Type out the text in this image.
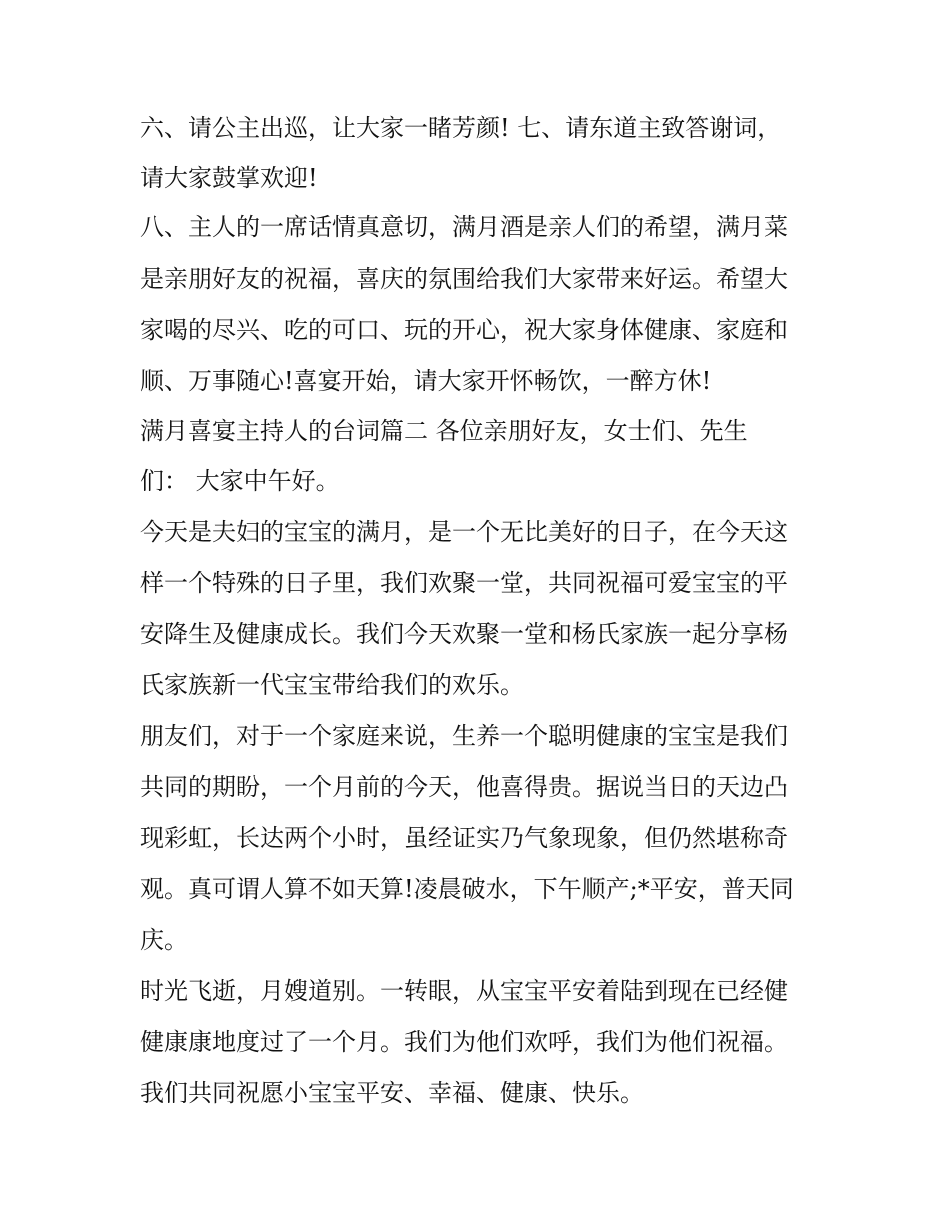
六、请公主出巡，让大家一睹芳颜! 七、请东道主致答谢词，
请大家鼓掌欢迎!
八、主人的一席话情真意切，满月酒是亲人们的希望，满月菜
是亲朋好友的祝福，喜庆的氛围给我们大家带来好运。希望大
家喝的尽兴、吃的可口、玩的开心，祝大家身体健康、家庭和
顺、万事随心!喜宴开始，请大家开怀畅饮，一醉方休!
满月喜宴主持人的台词篇二 各位亲朋好友，女士们、先生
们： 大家中午好。
今天是夫妇的宝宝的满月，是一个无比美好的日子，在今天这
样一个特殊的日子里，我们欢聚一堂，共同祝福可爱宝宝的平
安降生及健康成长。我们今天欢聚一堂和杨氏家族一起分享杨
氏家族新一代宝宝带给我们的欢乐。
朋友们，对于一个家庭来说，生养一个聪明健康的宝宝是我们
共同的期盼，一个月前的今天，他喜得贵。据说当日的天边凸
现彩虹，长达两个小时，虽经证实乃气象现象，但仍然堪称奇
观。真可谓人算不如天算!凌晨破水，下午顺产;*平安，普天同
庆。
时光飞逝，月嫂道别。一转眼，从宝宝平安着陆到现在已经健
健康康地度过了一个月。我们为他们欢呼，我们为他们祝福。
我们共同祝愿小宝宝平安、幸福、健康、快乐。
